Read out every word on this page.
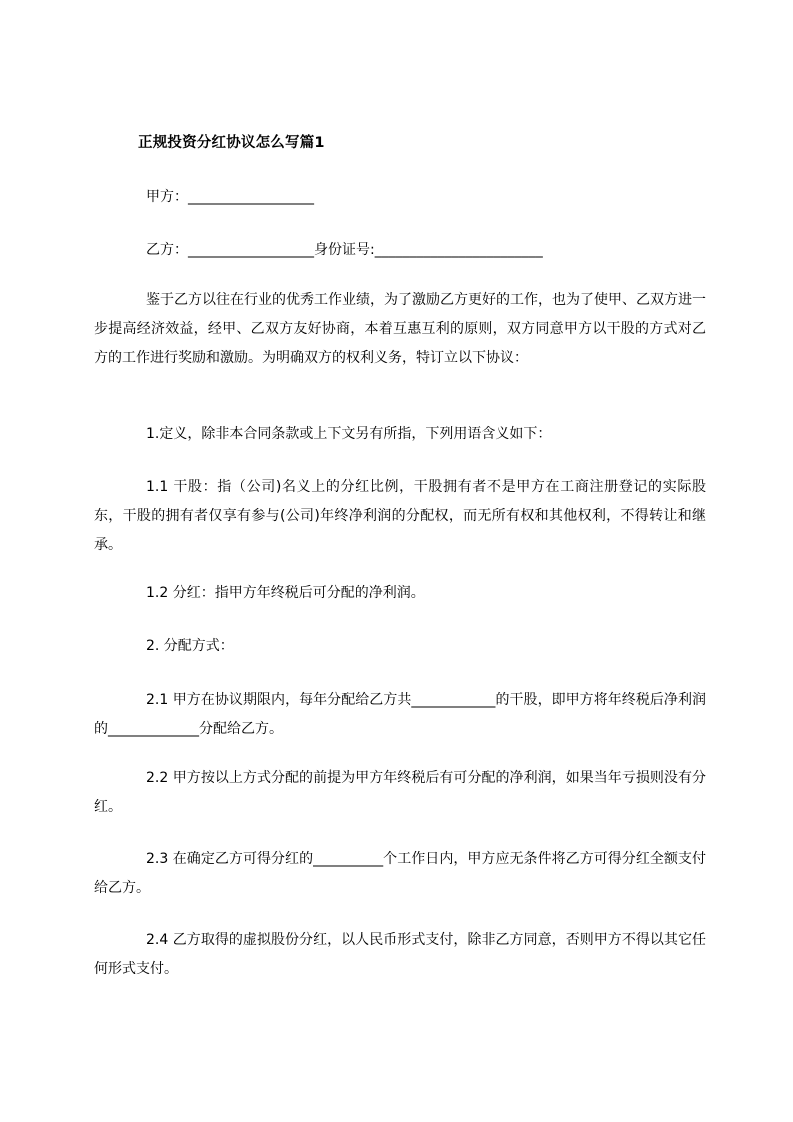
正规投资分红协议怎么写篇1
甲方：__________________
乙方：__________________身份证号:________________________
鉴于乙方以往在行业的优秀工作业绩，为了激励乙方更好的工作，也为了使甲、乙双方进一步提高经济效益，经甲、乙双方友好协商，本着互惠互利的原则，双方同意甲方以干股的方式对乙方的工作进行奖励和激励。为明确双方的权利义务，特订立以下协议：
1.定义，除非本合同条款或上下文另有所指，下列用语含义如下：
1.1 干股：指（公司)名义上的分红比例，干股拥有者不是甲方在工商注册登记的实际股东，干股的拥有者仅享有参与(公司)年终净利润的分配权，而无所有权和其他权利，不得转让和继承。
1.2 分红：指甲方年终税后可分配的净利润。
2. 分配方式：
2.1 甲方在协议期限内，每年分配给乙方共____________的干股，即甲方将年终税后净利润的_____________分配给乙方。
2.2 甲方按以上方式分配的前提为甲方年终税后有可分配的净利润，如果当年亏损则没有分红。
2.3 在确定乙方可得分红的__________个工作日内，甲方应无条件将乙方可得分红全额支付给乙方。
2.4 乙方取得的虚拟股份分红，以人民币形式支付，除非乙方同意，否则甲方不得以其它任何形式支付。
